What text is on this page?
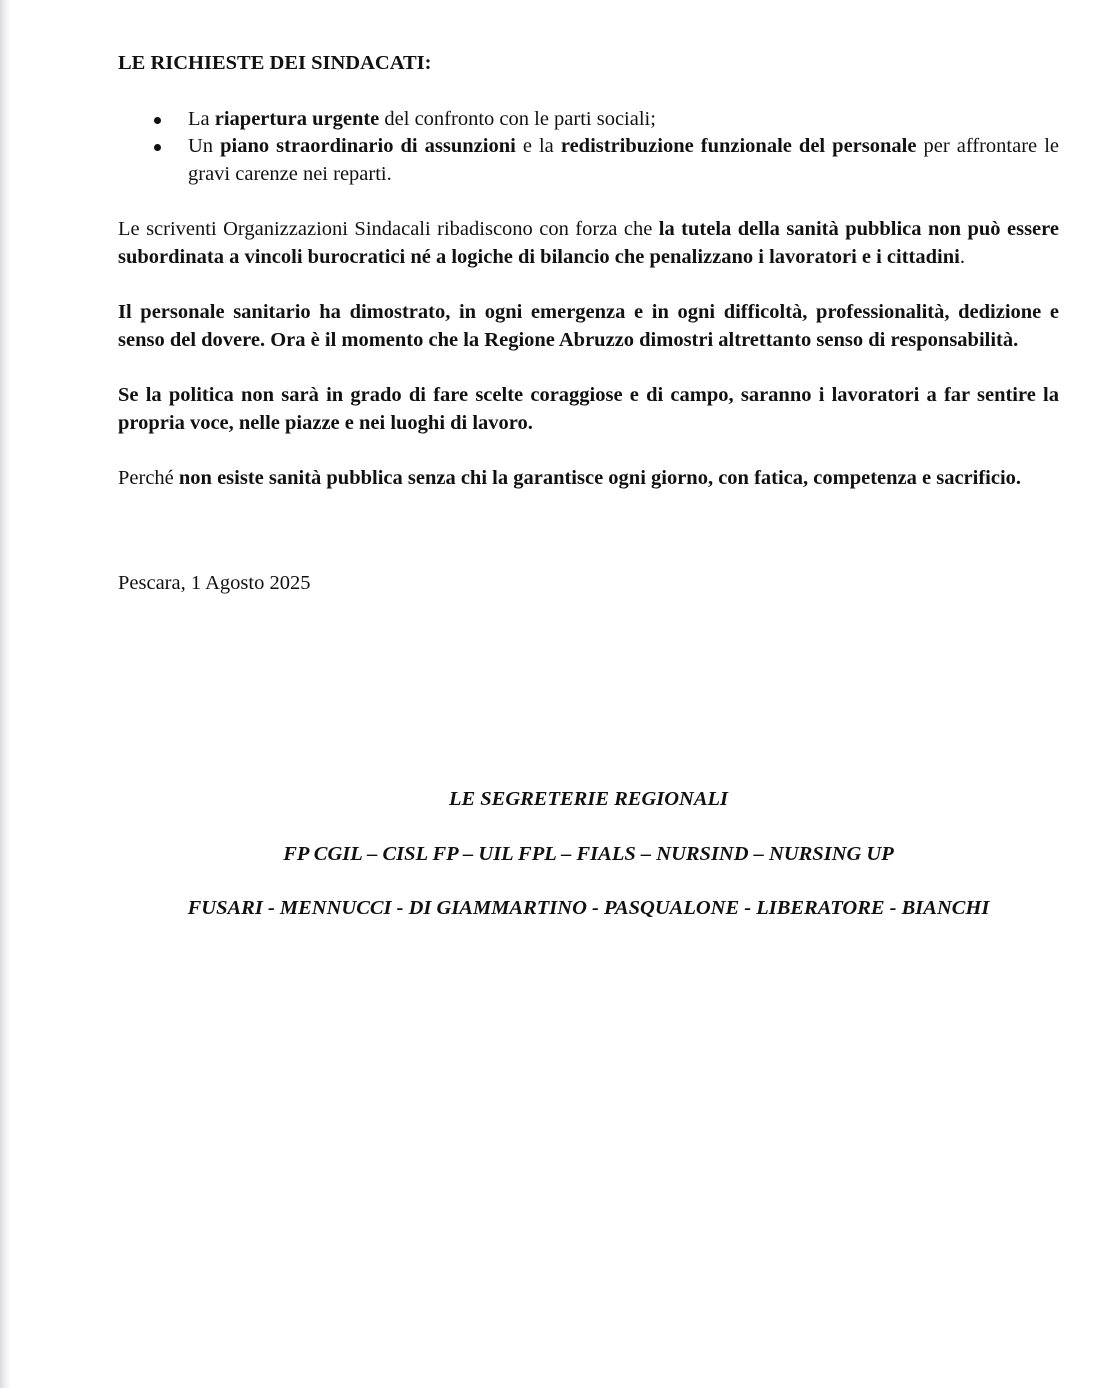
LE RICHIESTE DEI SINDACATI:

La riapertura urgente del confronto con le parti sociali;
Un piano straordinario di assunzioni e la redistribuzione funzionale del personale per affrontare le gravi carenze nei reparti.

Le scriventi Organizzazioni Sindacali ribadiscono con forza che la tutela della sanità pubblica non può essere subordinata a vincoli burocratici né a logiche di bilancio che penalizzano i lavoratori e i cittadini.

Il personale sanitario ha dimostrato, in ogni emergenza e in ogni difficoltà, professionalità, dedizione e senso del dovere. Ora è il momento che la Regione Abruzzo dimostri altrettanto senso di responsabilità.

Se la politica non sarà in grado di fare scelte coraggiose e di campo, saranno i lavoratori a far sentire la propria voce, nelle piazze e nei luoghi di lavoro.

Perché non esiste sanità pubblica senza chi la garantisce ogni giorno, con fatica, competenza e sacrificio.

Pescara, 1 Agosto 2025

LE SEGRETERIE REGIONALI

FP CGIL – CISL FP – UIL FPL – FIALS – NURSIND – NURSING UP

FUSARI - MENNUCCI - DI GIAMMARTINO - PASQUALONE - LIBERATORE - BIANCHI
